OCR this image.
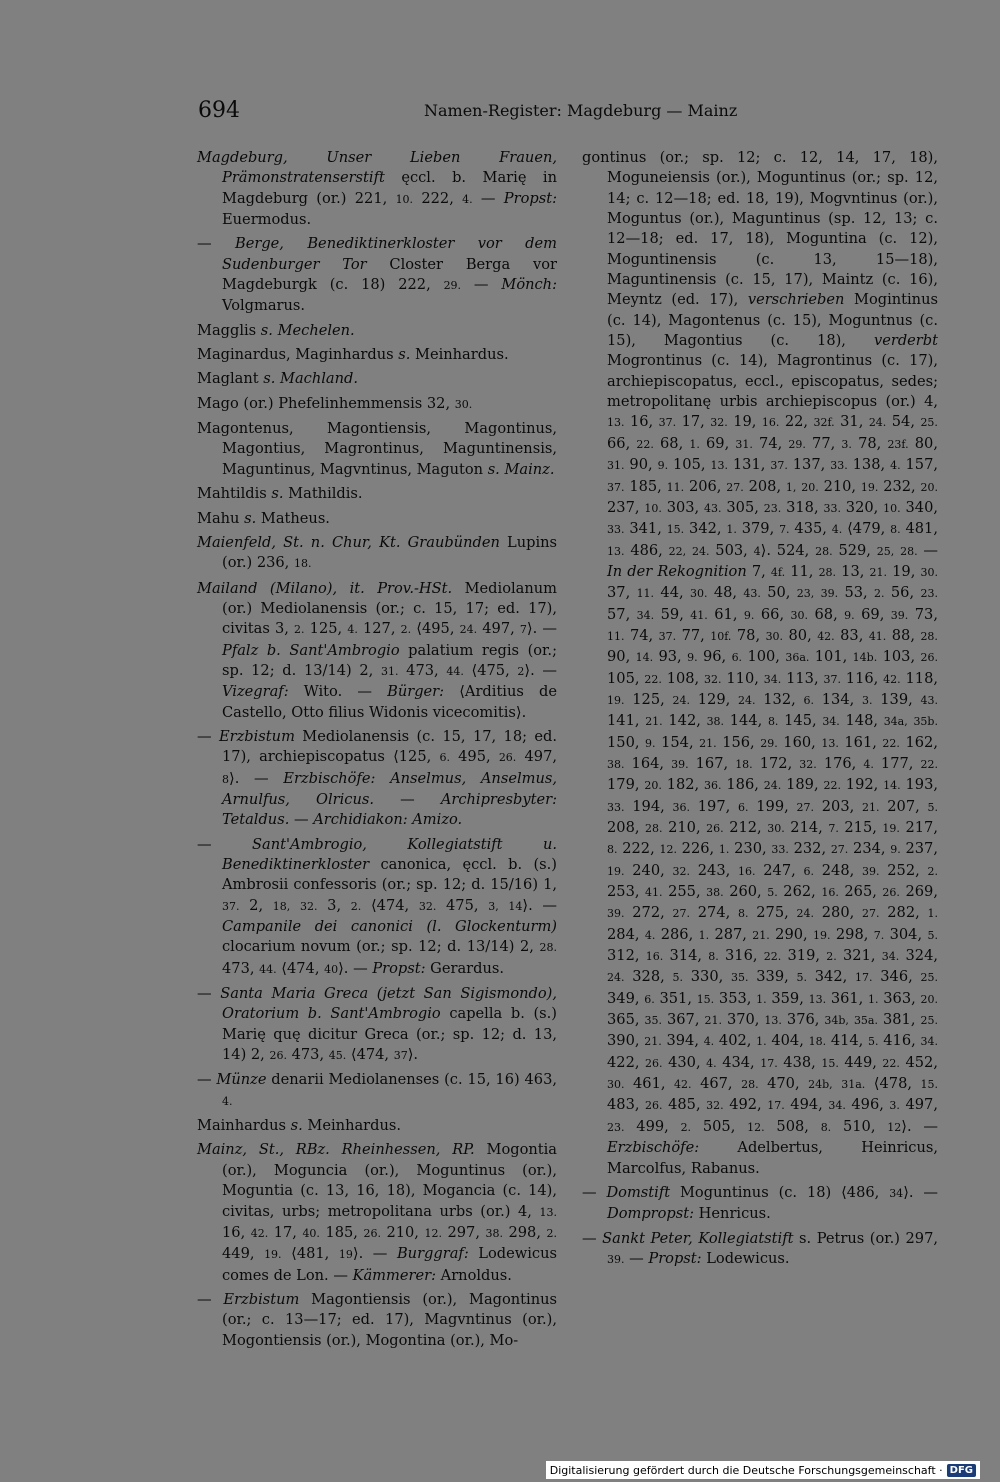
694	Namen-Register: Magdeburg — Mainz

Magdeburg, Unser Lieben Frauen, Prämonstratenserstift ęccl. b. Marię in Magdeburg (or.) 221, 10. 222, 4. — Propst: Euermodus.

— Berge, Benediktinerkloster vor dem Sudenburger Tor Closter Berga vor Magdeburgk (c. 18) 222, 29. — Mönch: Volgmarus.

Magglis s. Mechelen.

Maginardus, Maginhardus s. Meinhardus.

Maglant s. Machland.

Mago (or.) Phefelinhemmensis 32, 30.

Magontenus, Magontiensis, Magontinus, Magontius, Magrontinus, Maguntinensis, Maguntinus, Magvntinus, Maguton s. Mainz.

Mahtildis s. Mathildis.

Mahu s. Matheus.

Maienfeld, St. n. Chur, Kt. Graubünden Lupins (or.) 236, 18.

Mailand (Milano), it. Prov.-HSt. Mediolanum (or.) Mediolanensis (or.; c. 15, 17; ed. 17), civitas 3, 2. 125, 4. 127, 2. ⟨495, 24. 497, 7⟩. — Pfalz b. Sant'Ambrogio palatium regis (or.; sp. 12; d. 13/14) 2, 31. 473, 44. ⟨475, 2⟩. — Vizegraf: Wito. — Bürger: ⟨Arditius de Castello, Otto filius Widonis vicecomitis⟩.

— Erzbistum Mediolanensis (c. 15, 17, 18; ed. 17), archiepiscopatus ⟨125, 6. 495, 26. 497, 8⟩. — Erzbischöfe: Anselmus, Anselmus, Arnulfus, Olricus. — Archipresbyter: Tetaldus. — Archidiakon: Amizo.

— Sant'Ambrogio, Kollegiatstift u. Benediktinerkloster canonica, ęccl. b. (s.) Ambrosii confessoris (or.; sp. 12; d. 15/16) 1, 37. 2, 18, 32. 3, 2. ⟨474, 32. 475, 3, 14⟩. — Campanile dei canonici (l. Glockenturm) clocarium novum (or.; sp. 12; d. 13/14) 2, 28. 473, 44. ⟨474, 40⟩. — Propst: Gerardus.

— Santa Maria Greca (jetzt San Sigismondo), Oratorium b. Sant'Ambrogio capella b. (s.) Marię quę dicitur Greca (or.; sp. 12; d. 13, 14) 2, 26. 473, 45. ⟨474, 37⟩.

— Münze denarii Mediolanenses (c. 15, 16) 463, 4.

Mainhardus s. Meinhardus.

Mainz, St., RBz. Rheinhessen, RP. Mogontia (or.), Moguncia (or.), Moguntinus (or.), Moguntia (c. 13, 16, 18), Mogancia (c. 14), civitas, urbs; metropolitana urbs (or.) 4, 13. 16, 42. 17, 40. 185, 26. 210, 12. 297, 38. 298, 2. 449, 19. ⟨481, 19⟩. — Burggraf: Lodewicus comes de Lon. — Kämmerer: Arnoldus.

— Erzbistum Magontiensis (or.), Magontinus (or.; c. 13—17; ed. 17), Magvntinus (or.), Mogontiensis (or.), Mogontina (or.), Mo-

gontinus (or.; sp. 12; c. 12, 14, 17, 18), Moguneiensis (or.), Moguntinus (or.; sp. 12, 14; c. 12—18; ed. 18, 19), Mogvntinus (or.), Moguntus (or.), Maguntinus (sp. 12, 13; c. 12—18; ed. 17, 18), Moguntina (c. 12), Moguntinensis (c. 13, 15—18), Maguntinensis (c. 15, 17), Maintz (c. 16), Meyntz (ed. 17), verschrieben Mogintinus (c. 14), Magontenus (c. 15), Moguntnus (c. 15), Magontius (c. 18), verderbt Mogrontinus (c. 14), Magrontinus (c. 17), archiepiscopatus, eccl., episcopatus, sedes; metropolitanę urbis archiepiscopus (or.) 4, 13. 16, 37. 17, 32. 19, 16. 22, 32f. 31, 24. 54, 25. 66, 22. 68, 1. 69, 31. 74, 29. 77, 3. 78, 23f. 80, 31. 90, 9. 105, 13. 131, 37. 137, 33. 138, 4. 157, 37. 185, 11. 206, 27. 208, 1, 20. 210, 19. 232, 20. 237, 10. 303, 43. 305, 23. 318, 33. 320, 10. 340, 33. 341, 15. 342, 1. 379, 7. 435, 4. ⟨479, 8. 481, 13. 486, 22, 24. 503, 4⟩. 524, 28. 529, 25, 28. — In der Rekognition 7, 4f. 11, 28. 13, 21. 19, 30. 37, 11. 44, 30. 48, 43. 50, 23, 39. 53, 2. 56, 23. 57, 34. 59, 41. 61, 9. 66, 30. 68, 9. 69, 39. 73, 11. 74, 37. 77, 10f. 78, 30. 80, 42. 83, 41. 88, 28. 90, 14. 93, 9. 96, 6. 100, 36a. 101, 14b. 103, 26. 105, 22. 108, 32. 110, 34. 113, 37. 116, 42. 118, 19. 125, 24. 129, 24. 132, 6. 134, 3. 139, 43. 141, 21. 142, 38. 144, 8. 145, 34. 148, 34a, 35b. 150, 9. 154, 21. 156, 29. 160, 13. 161, 22. 162, 38. 164, 39. 167, 18. 172, 32. 176, 4. 177, 22. 179, 20. 182, 36. 186, 24. 189, 22. 192, 14. 193, 33. 194, 36. 197, 6. 199, 27. 203, 21. 207, 5. 208, 28. 210, 26. 212, 30. 214, 7. 215, 19. 217, 8. 222, 12. 226, 1. 230, 33. 232, 27. 234, 9. 237, 19. 240, 32. 243, 16. 247, 6. 248, 39. 252, 2. 253, 41. 255, 38. 260, 5. 262, 16. 265, 26. 269, 39. 272, 27. 274, 8. 275, 24. 280, 27. 282, 1. 284, 4. 286, 1. 287, 21. 290, 19. 298, 7. 304, 5. 312, 16. 314, 8. 316, 22. 319, 2. 321, 34. 324, 24. 328, 5. 330, 35. 339, 5. 342, 17. 346, 25. 349, 6. 351, 15. 353, 1. 359, 13. 361, 1. 363, 20. 365, 35. 367, 21. 370, 13. 376, 34b, 35a. 381, 25. 390, 21. 394, 4. 402, 1. 404, 18. 414, 5. 416, 34. 422, 26. 430, 4. 434, 17. 438, 15. 449, 22. 452, 30. 461, 42. 467, 28. 470, 24b, 31a. ⟨478, 15. 483, 26. 485, 32. 492, 17. 494, 34. 496, 3. 497, 23. 499, 2. 505, 12. 508, 8. 510, 12⟩. — Erzbischöfe: Adelbertus, Heinricus, Marcolfus, Rabanus.

— Domstift Moguntinus (c. 18) ⟨486, 34⟩. — Dompropst: Henricus.

— Sankt Peter, Kollegiatstift s. Petrus (or.) 297, 39. — Propst: Lodewicus.

Digitalisierung gefördert durch die Deutsche Forschungsgemeinschaft · DFG
